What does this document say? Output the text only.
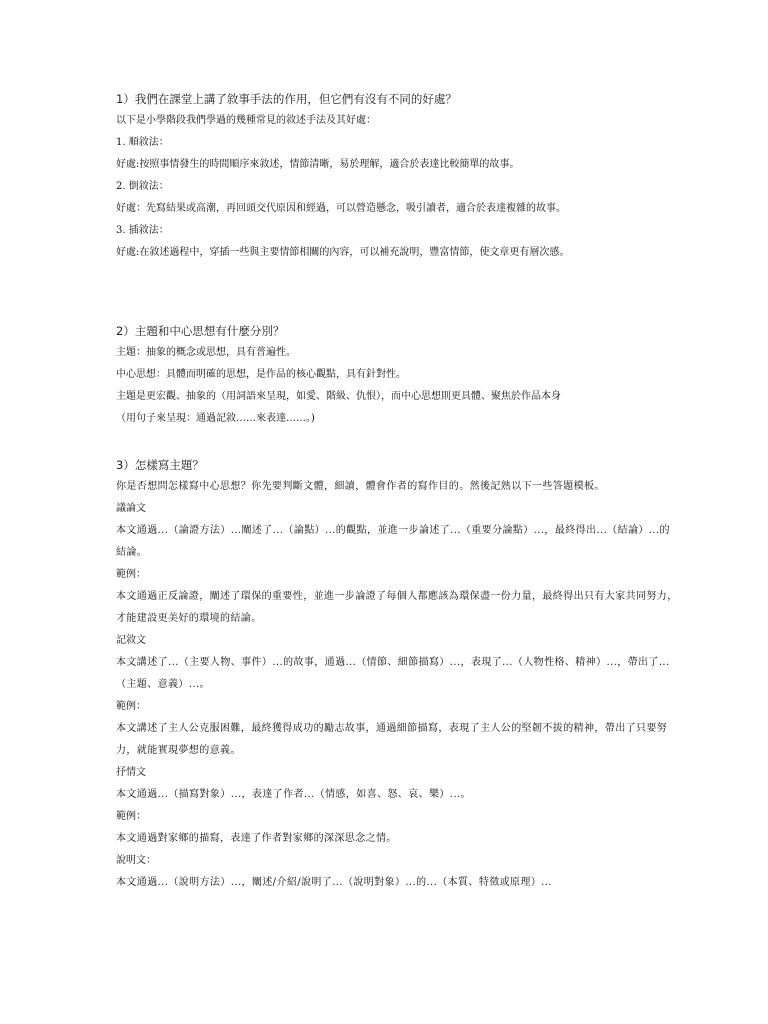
1）我們在課堂上講了敘事手法的作用，但它們有沒有不同的好處？

以下是小學階段我們學過的幾種常見的敘述手法及其好處：

1. 順敘法：

好處:按照事情發生的時間順序來敘述，情節清晰，易於理解，適合於表達比較簡單的故事。

2. 倒敘法：

好處：先寫結果或高潮，再回頭交代原因和經過，可以營造懸念，吸引讀者，適合於表達複雜的故事。

3. 插敘法：

好處:在敘述過程中，穿插一些與主要情節相關的內容，可以補充說明，豐富情節，使文章更有層次感。

2）主題和中心思想有什麼分別？

主題：抽象的概念或思想，具有普遍性。

中心思想：具體而明確的思想，是作品的核心觀點，具有針對性。

主題是更宏觀、抽象的（用詞語來呈現，如愛、階級、仇恨），而中心思想則更具體、聚焦於作品本身

（用句子來呈現：通過記敘……來表達……。)

3）怎樣寫主題？

你是否想問怎樣寫中心思想？你先要判斷文體，細讀，體會作者的寫作目的。然後記熟以下一些答題模板。

議論文

本文通過...（論證方法）...闡述了...（論點）...的觀點，並進一步論述了...（重要分論點）...，最終得出...（結論）...的結論。

範例：

本文通過正反論證，闡述了環保的重要性，並進一步論證了每個人都應該為環保盡一份力量，最終得出只有大家共同努力，才能建設更美好的環境的結論。

記敘文

本文講述了...（主要人物、事件）...的故事，通過...（情節、細節描寫）...，表現了...（人物性格、精神）...，帶出了...（主題、意義）...。

範例：

本文講述了主人公克服困難，最終獲得成功的勵志故事，通過細節描寫，表現了主人公的堅韌不拔的精神，帶出了只要努力，就能實現夢想的意義。

抒情文

本文通過...（描寫對象）...，表達了作者...（情感，如喜、怒、哀、樂）...。

範例：

本文通過對家鄉的描寫，表達了作者對家鄉的深深思念之情。

說明文：

本文通過...（說明方法）...，闡述/介紹/說明了...（說明對象）...的...（本質、特徵或原理）...
